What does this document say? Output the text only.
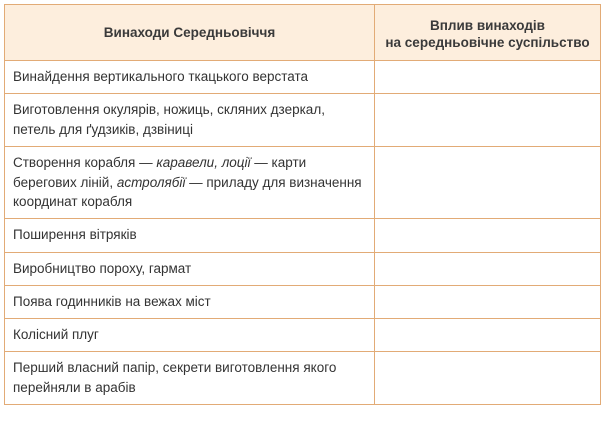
Винаходи Середньовіччя	Вплив винаходів
на середньовічне суспільство

Винайдення вертикального ткацького верстата	

Виготовлення окулярів, ножиць, скляних дзеркал, петель для ґудзиків, дзвіниці	

Створення корабля — каравели, лоції — карти берегових ліній, астролябії — приладу для визначення координат корабля	

Поширення вітряків	

Виробництво пороху, гармат	

Поява годинників на вежах міст	

Колісний плуг	

Перший власний папір, секрети виготовлення якого перейняли в арабів	
